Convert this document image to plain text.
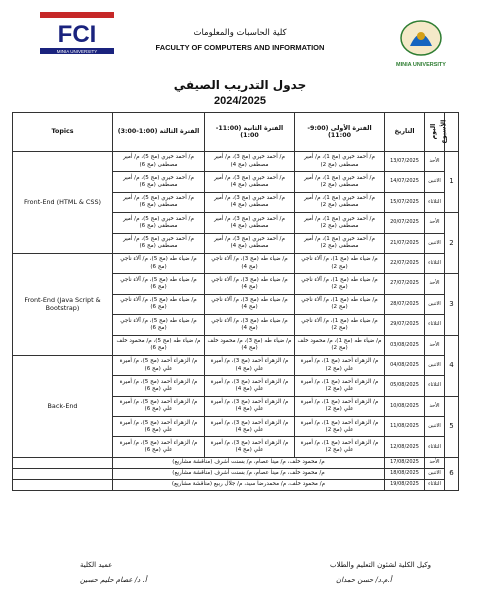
FCI
MINIA UNIVERSITY
كلية الحاسبات والمعلومات
FACULTY OF COMPUTERS AND INFORMATION
MINIA UNIVERSITY
جدول التدريب الصيفي
2024/2025
الأسبوع	اليوم	التاريخ	الفترة الأولى (9:00-11:00)	الفترة الثانية (11:00-1:00)	الفترة الثالثة (1:00-3:00)	Topics
1	الأحد	13/07/2025	م/ أحمد خيري (مج 1)، م/ أمير مصطفى (مج 2)	م/ أحمد خيري (مج 3)، م/ أمير مصطفى (مج 4)	م/ أحمد خيري (مج 5)، م/ أمير مصطفى (مج 6)	Front-End (HTML & CSS)
	الاثنين	14/07/2025	م/ أحمد خيري (مج 1)، م/ أمير مصطفى (مج 2)	م/ أحمد خيري (مج 3)، م/ أمير مصطفى (مج 4)	م/ أحمد خيري (مج 5)، م/ أمير مصطفى (مج 6)	
	الثلاثاء	15/07/2025	م/ أحمد خيري (مج 1)، م/ أمير مصطفى (مج 2)	م/ أحمد خيري (مج 3)، م/ أمير مصطفى (مج 4)	م/ أحمد خيري (مج 5)، م/ أمير مصطفى (مج 6)	
2	الأحد	20/07/2025	م/ أحمد خيري (مج 1)، م/ أمير مصطفى (مج 2)	م/ أحمد خيري (مج 3)، م/ أمير مصطفى (مج 4)	م/ أحمد خيري (مج 5)، م/ أمير مصطفى (مج 6)	
	الاثنين	21/07/2025	م/ أحمد خيري (مج 1)، م/ أمير مصطفى (مج 2)	م/ أحمد خيري (مج 3)، م/ أمير مصطفى (مج 4)	م/ أحمد خيري (مج 5)، م/ أمير مصطفى (مج 6)	
	الثلاثاء	22/07/2025	م/ ضياء طه (مج 1)، م/ آلاء ناجي (مج 2)	م/ ضياء طه (مج 3)، م/ آلاء ناجي (مج 4)	م/ ضياء طه (مج 5)، م/ آلاء ناجي (مج 6)	Front-End (Java Script & Bootstrap)
3	الأحد	27/07/2025	م/ ضياء طه (مج 1)، م/ آلاء ناجي (مج 2)	م/ ضياء طه (مج 3)، م/ آلاء ناجي (مج 4)	م/ ضياء طه (مج 5)، م/ آلاء ناجي (مج 6)	
	الاثنين	28/07/2025	م/ ضياء طه (مج 1)، م/ آلاء ناجي (مج 2)	م/ ضياء طه (مج 3)، م/ آلاء ناجي (مج 4)	م/ ضياء طه (مج 5)، م/ آلاء ناجي (مج 6)	
	الثلاثاء	29/07/2025	م/ ضياء طه (مج 1)، م/ آلاء ناجي (مج 2)	م/ ضياء طه (مج 3)، م/ آلاء ناجي (مج 4)	م/ ضياء طه (مج 5)، م/ آلاء ناجي (مج 6)	
4	الأحد	03/08/2025	م/ ضياء طه (مج 1)، م/ محمود خلف (مج 2)	م/ ضياء طه (مج 3)، م/ محمود خلف (مج 4)	م/ ضياء طه (مج 5)، م/ محمود خلف (مج 6)	
	الاثنين	04/08/2025	م/ الزهراء أحمد (مج 1)، م/ أميرة علي (مج 2)	م/ الزهراء أحمد (مج 3)، م/ أميرة علي (مج 4)	م/ الزهراء أحمد (مج 5)، م/ أميرة علي (مج 6)	Back-End
	الثلاثاء	05/08/2025	م/ الزهراء أحمد (مج 1)، م/ أميرة علي (مج 2)	م/ الزهراء أحمد (مج 3)، م/ أميرة علي (مج 4)	م/ الزهراء أحمد (مج 5)، م/ أميرة علي (مج 6)	
5	الأحد	10/08/2025	م/ الزهراء أحمد (مج 1)، م/ أميرة علي (مج 2)	م/ الزهراء أحمد (مج 3)، م/ أميرة علي (مج 4)	م/ الزهراء أحمد (مج 5)، م/ أميرة علي (مج 6)	
	الاثنين	11/08/2025	م/ الزهراء أحمد (مج 1)، م/ أميرة علي (مج 2)	م/ الزهراء أحمد (مج 3)، م/ أميرة علي (مج 4)	م/ الزهراء أحمد (مج 5)، م/ أميرة علي (مج 6)	
	الثلاثاء	12/08/2025	م/ الزهراء أحمد (مج 1)، م/ أميرة علي (مج 2)	م/ الزهراء أحمد (مج 3)، م/ أميرة علي (مج 4)	م/ الزهراء أحمد (مج 5)، م/ أميرة علي (مج 6)	
6	الأحد	17/08/2025	م/ محمود خلف، م/ مينا عصام، م/ بسنت أشرف (مناقشة مشاريع)			
	الاثنين	18/08/2025	م/ محمود خلف، م/ مينا عصام، م/ بسنت أشرف (مناقشة مشاريع)			
	الثلاثاء	19/08/2025	م/ محمود خلف، م/ محمدرضا سيد، م/ جلال ربيع (مناقشة مشاريع)			
وكيل الكلية لشئون التعليم والطلاب
أ.م.د/ حسن حمدان
عميد الكلية
أ. د/ عصام حليم حسين
